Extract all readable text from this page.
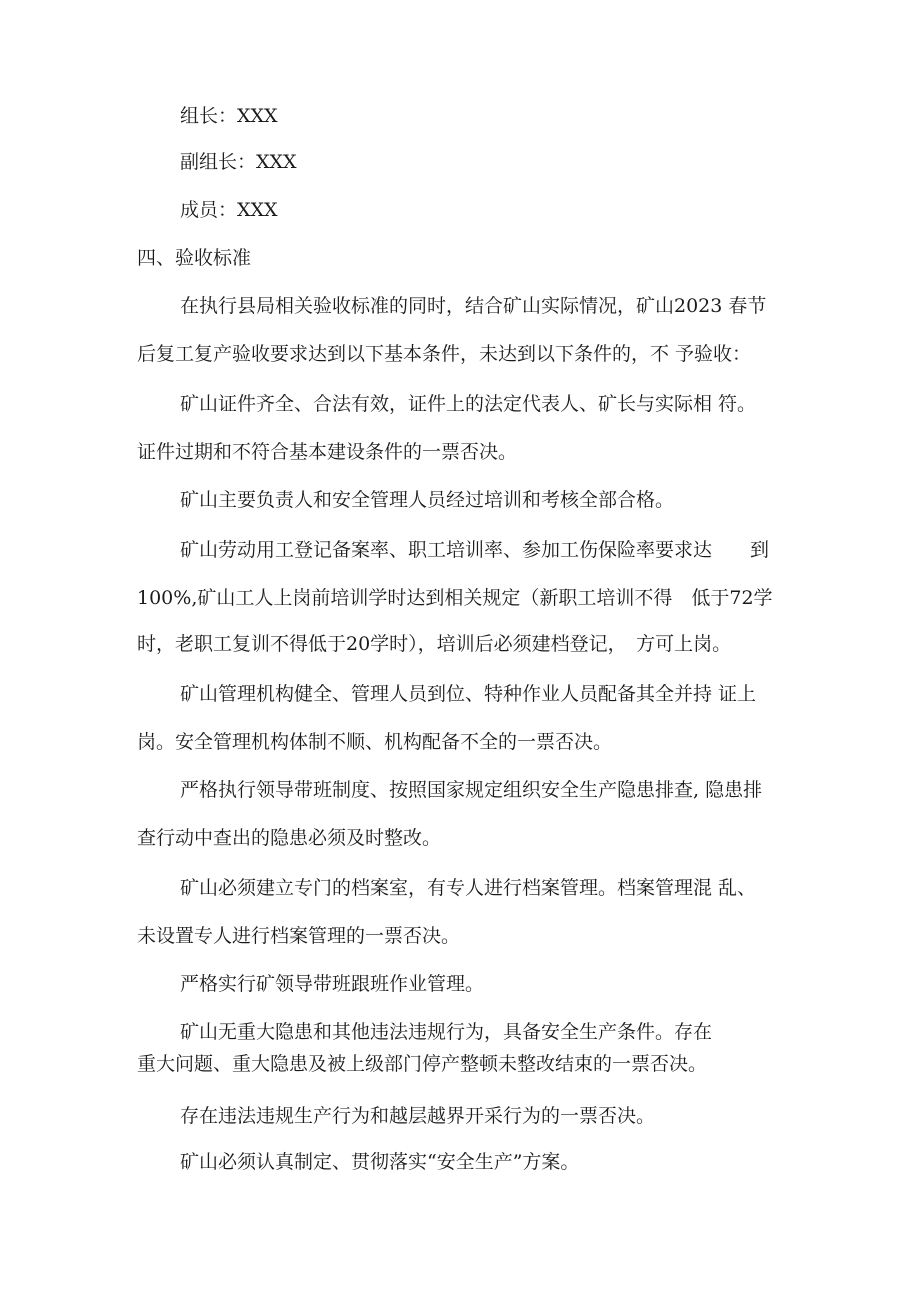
组长：XXX

副组长：XXX

成员：XXX

四、验收标准

在执行县局相关验收标准的同时，结合矿山实际情况，矿山2023 春节

后复工复产验收要求达到以下基本条件，未达到以下条件的，不 予验收：

矿山证件齐全、合法有效，证件上的法定代表人、矿长与实际相 符。

证件过期和不符合基本建设条件的一票否决。

矿山主要负责人和安全管理人员经过培训和考核全部合格。

矿山劳动用工登记备案率、职工培训率、参加工伤保险率要求达　　到

100%,矿山工人上岗前培训学时达到相关规定（新职工培训不得　低于72学

时，老职工复训不得低于20学时），培训后必须建档登记，　方可上岗。

矿山管理机构健全、管理人员到位、特种作业人员配备其全并持 证上

岗。安全管理机构体制不顺、机构配备不全的一票否决。

严格执行领导带班制度、按照国家规定组织安全生产隐患排查, 隐患排

查行动中查出的隐患必须及时整改。

矿山必须建立专门的档案室，有专人进行档案管理。档案管理混 乱、

未设置专人进行档案管理的一票否决。

严格实行矿领导带班跟班作业管理。

矿山无重大隐患和其他违法违规行为，具备安全生产条件。存在

重大问题、重大隐患及被上级部门停产整顿未整改结束的一票否决。

存在违法违规生产行为和越层越界开采行为的一票否决。

矿山必须认真制定、贯彻落实“安全生产”方案。
